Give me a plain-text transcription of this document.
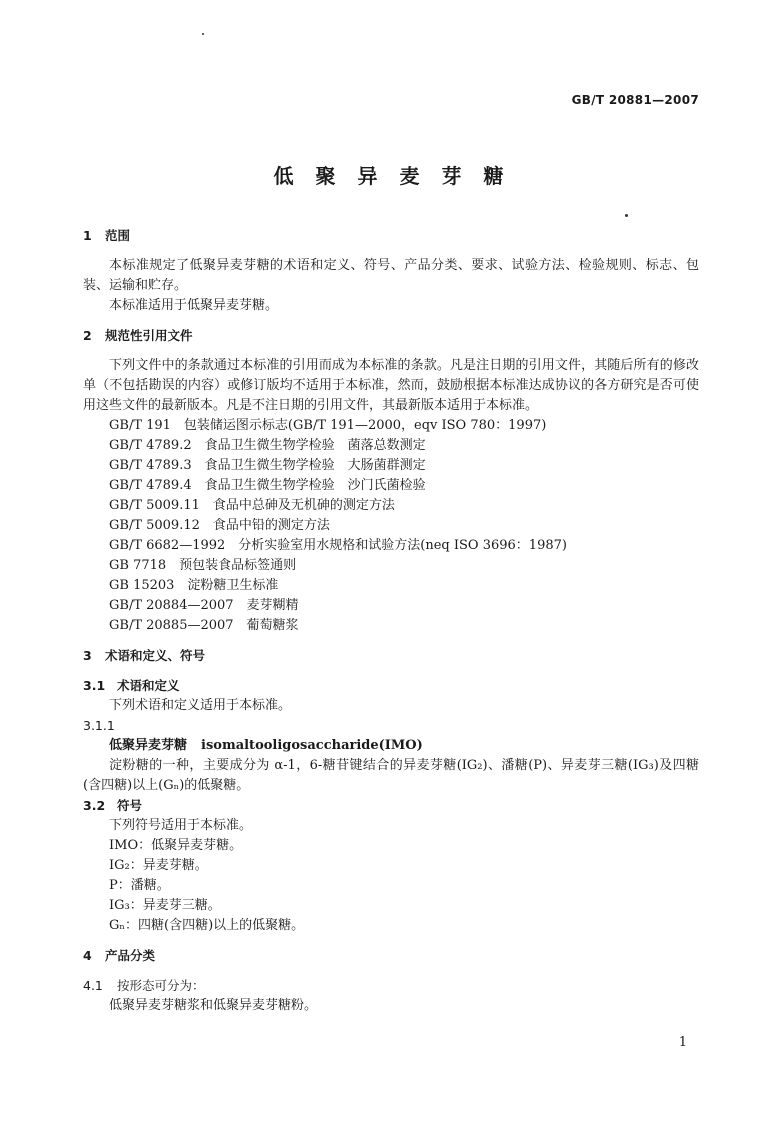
GB/T 20881—2007
低聚异麦芽糖
1 范围

本标准规定了低聚异麦芽糖的术语和定义、符号、产品分类、要求、试验方法、检验规则、标志、包装、运输和贮存。

本标准适用于低聚异麦芽糖。

2 规范性引用文件

下列文件中的条款通过本标准的引用而成为本标准的条款。凡是注日期的引用文件，其随后所有的修改单（不包括勘误的内容）或修订版均不适用于本标准，然而，鼓励根据本标准达成协议的各方研究是否可使用这些文件的最新版本。凡是不注日期的引用文件，其最新版本适用于本标准。

GB/T 191　包装储运图示标志(GB/T 191—2000，eqv ISO 780：1997)
GB/T 4789.2　食品卫生微生物学检验　菌落总数测定
GB/T 4789.3　食品卫生微生物学检验　大肠菌群测定
GB/T 4789.4　食品卫生微生物学检验　沙门氏菌检验
GB/T 5009.11　食品中总砷及无机砷的测定方法
GB/T 5009.12　食品中铅的测定方法
GB/T 6682—1992　分析实验室用水规格和试验方法(neq ISO 3696：1987)
GB 7718　预包装食品标签通则
GB 15203　淀粉糖卫生标准
GB/T 20884—2007　麦芽糊精
GB/T 20885—2007　葡萄糖浆
3 术语和定义、符号
3.1 术语和定义

下列术语和定义适用于本标准。

3.1.1
低聚异麦芽糖 isomaltooligosaccharide(IMO)

淀粉糖的一种，主要成分为 α-1，6-糖苷键结合的异麦芽糖(IG₂)、潘糖(P)、异麦芽三糖(IG₃)及四糖(含四糖)以上(Gₙ)的低聚糖。

3.2 符号

下列符号适用于本标准。

IMO：低聚异麦芽糖。
IG₂：异麦芽糖。
P：潘糖。
IG₃：异麦芽三糖。
Gₙ：四糖(含四糖)以上的低聚糖。
4 产品分类
4.1 按形态可分为：

低聚异麦芽糖浆和低聚异麦芽糖粉。

1
